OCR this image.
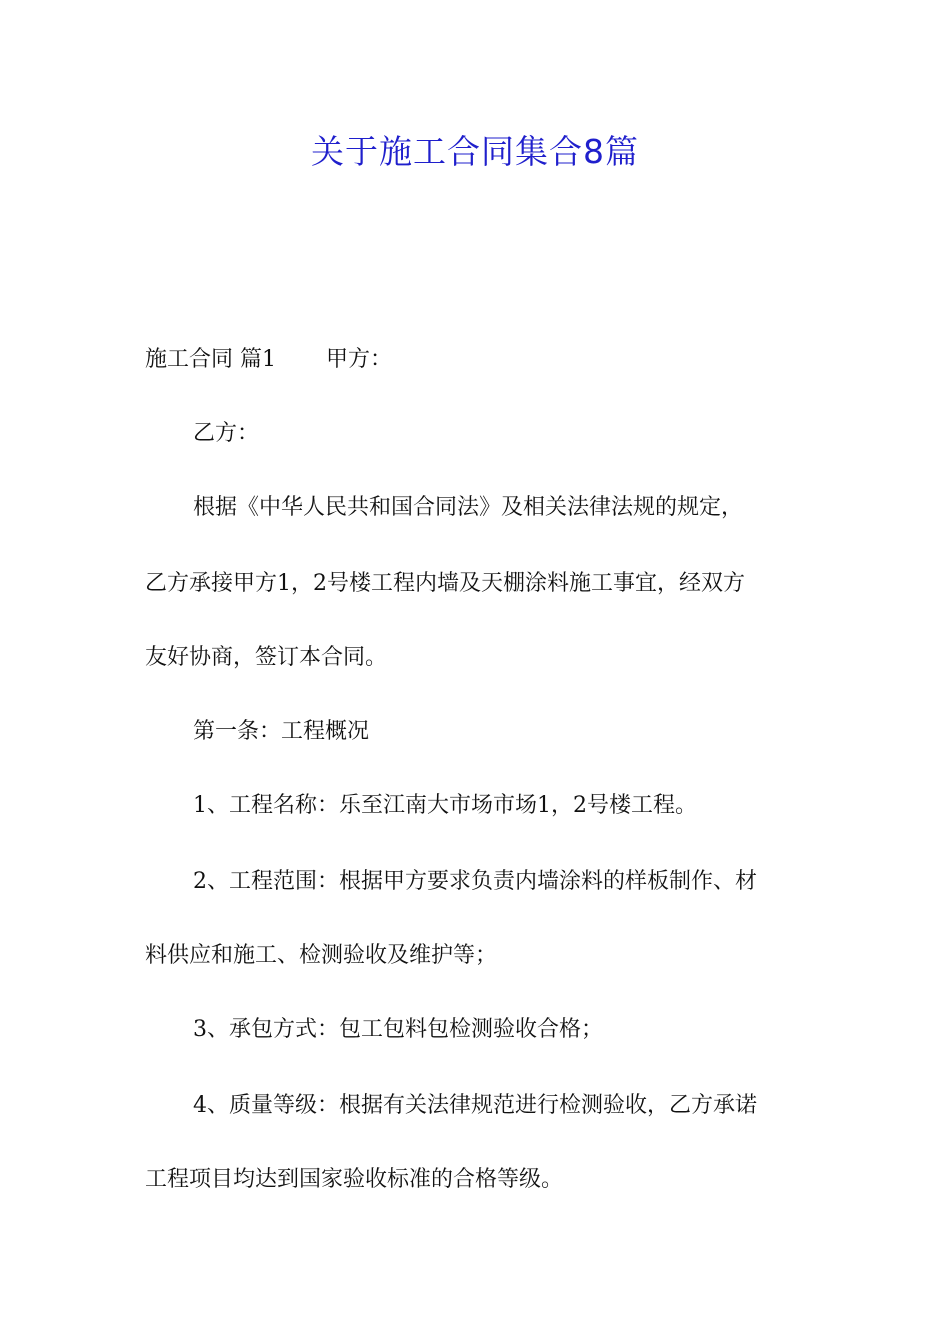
关于施工合同集合8篇
施工合同 篇1 甲方：
乙方：
根据《中华人民共和国合同法》及相关法律法规的规定，
乙方承接甲方1，2号楼工程内墙及天棚涂料施工事宜，经双方
友好协商，签订本合同。
第一条：工程概况
1、工程名称：乐至江南大市场市场1，2号楼工程。
2、工程范围：根据甲方要求负责内墙涂料的样板制作、材
料供应和施工、检测验收及维护等；
3、承包方式：包工包料包检测验收合格；
4、质量等级：根据有关法律规范进行检测验收，乙方承诺
工程项目均达到国家验收标准的合格等级。
